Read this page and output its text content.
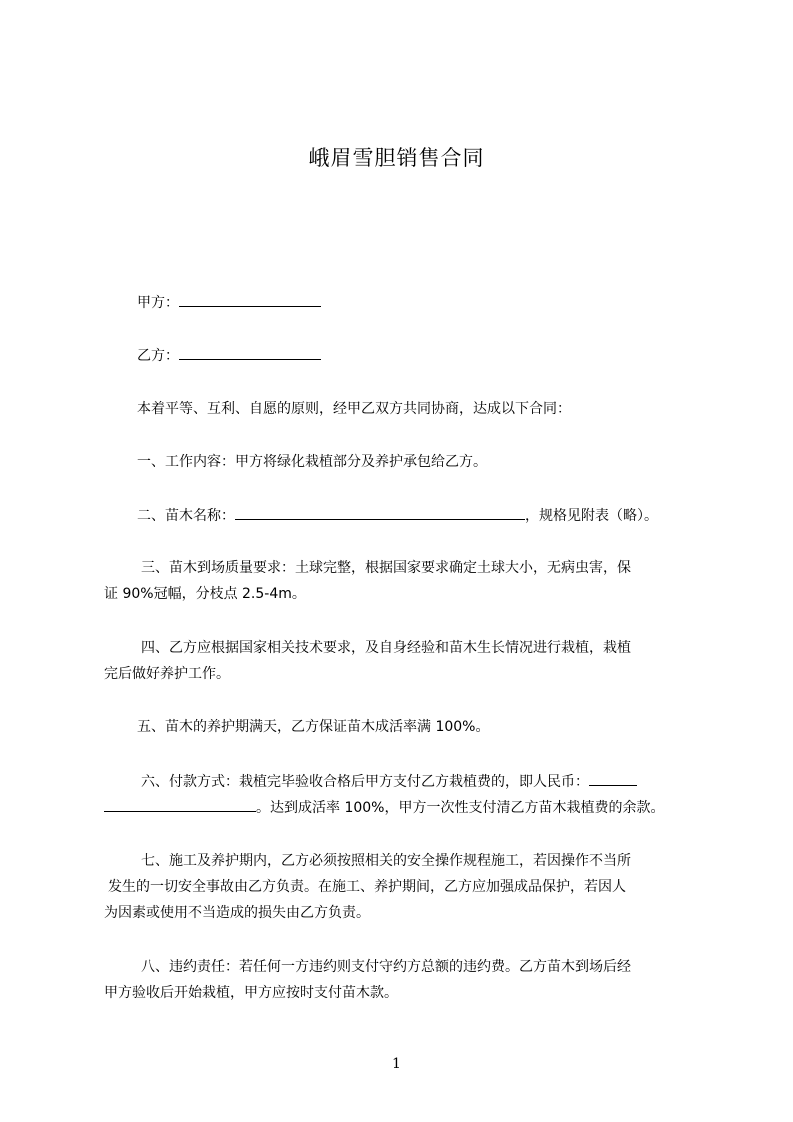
峨眉雪胆销售合同
甲方：
乙方：
本着平等、互利、自愿的原则，经甲乙双方共同协商，达成以下合同：
一、工作内容：甲方将绿化栽植部分及养护承包给乙方。
二、苗木名称：	，规格见附表（略）。
三、苗木到场质量要求：土球完整，根据国家要求确定土球大小，无病虫害，保
证 90%冠幅，分枝点 2.5-4m。
四、乙方应根据国家相关技术要求，及自身经验和苗木生长情况进行栽植，栽植
完后做好养护工作。
五、苗木的养护期满天，乙方保证苗木成活率满 100%。
六、付款方式：栽植完毕验收合格后甲方支付乙方栽植费的，即人民币：
。达到成活率 100%，甲方一次性支付清乙方苗木栽植费的余款。
七、施工及养护期内，乙方必须按照相关的安全操作规程施工，若因操作不当所
发生的一切安全事故由乙方负责。在施工、养护期间，乙方应加强成品保护，若因人
为因素或使用不当造成的损失由乙方负责。
八、违约责任：若任何一方违约则支付守约方总额的违约费。乙方苗木到场后经
甲方验收后开始栽植，甲方应按时支付苗木款。
1
